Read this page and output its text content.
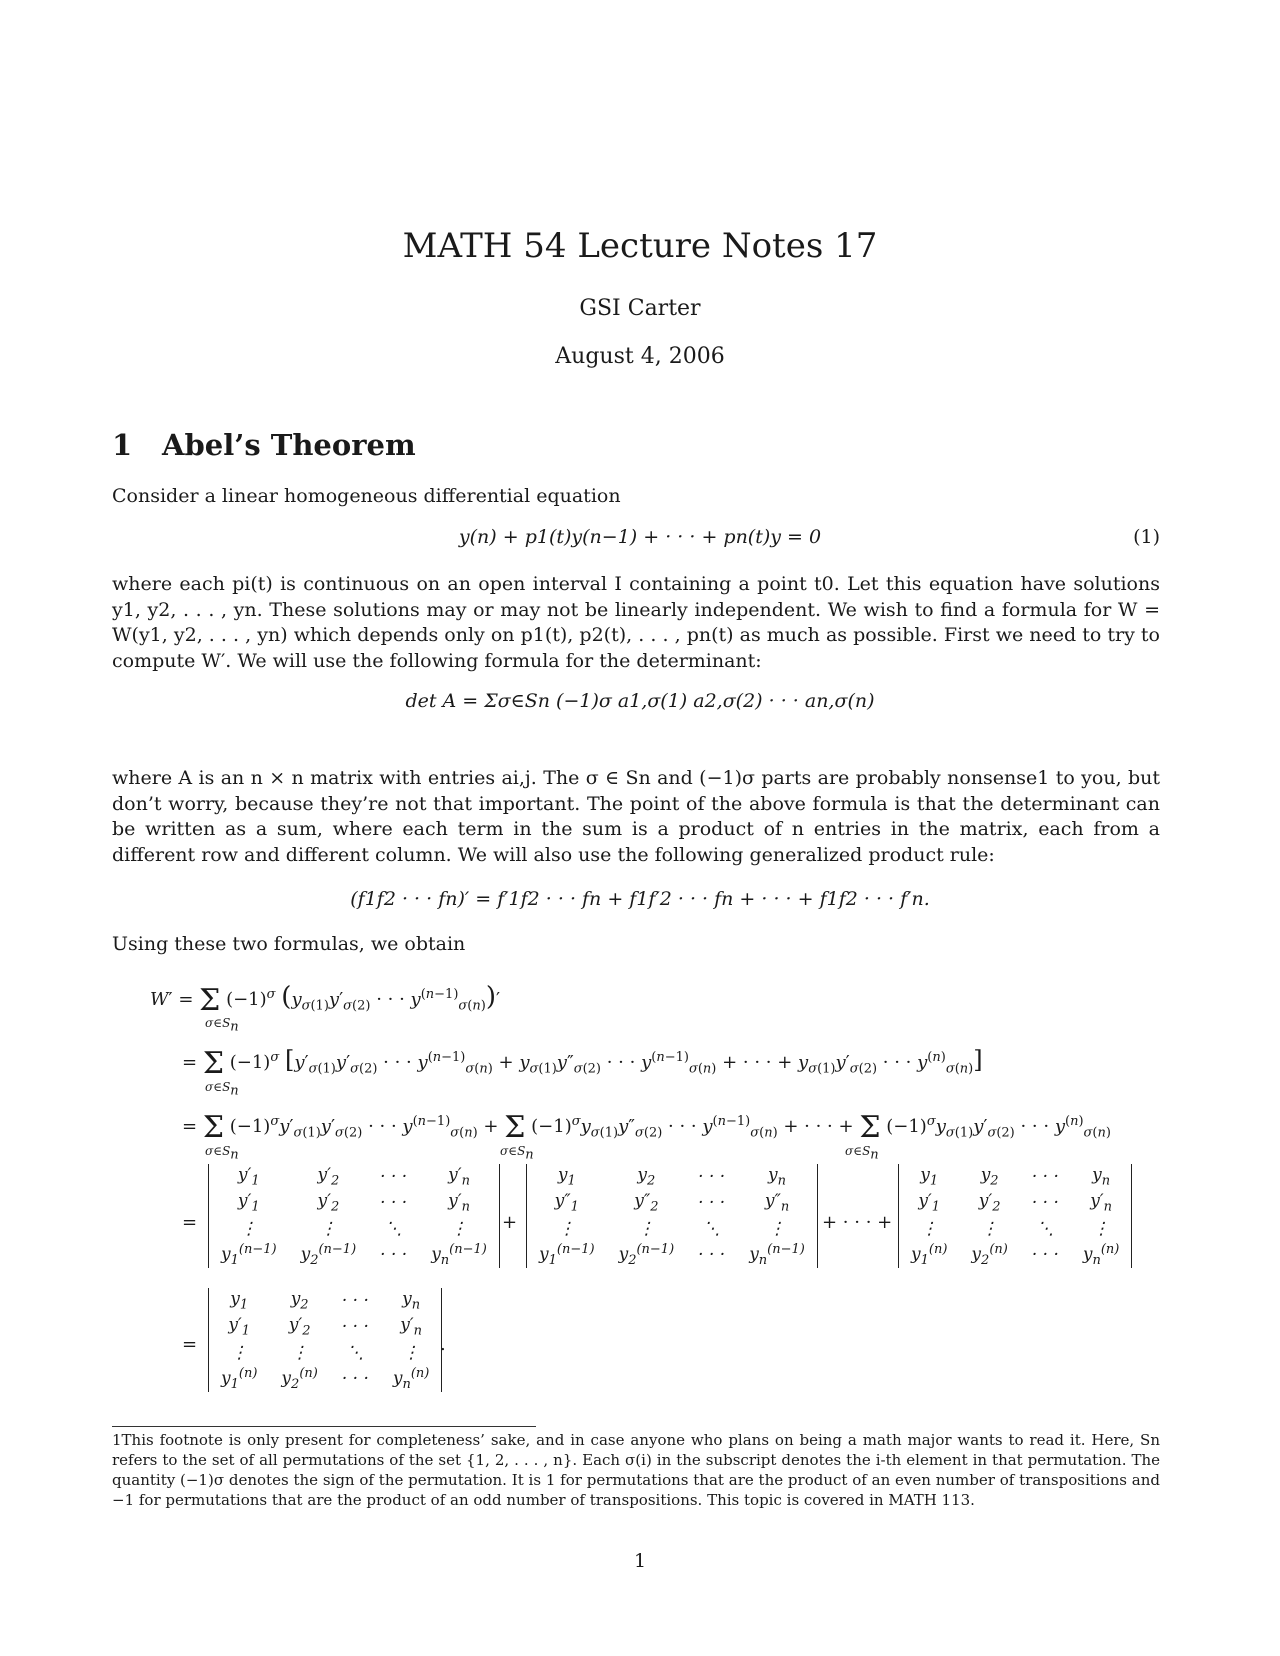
MATH 54 Lecture Notes 17
GSI Carter
August 4, 2006
1 Abel’s Theorem
Consider a linear homogeneous differential equation
y(n) + p1(t)y(n−1) + · · · + pn(t)y = 0	(1)
where each pi(t) is continuous on an open interval I containing a point t0. Let this equation have solutions y1, y2, . . . , yn. These solutions may or may not be linearly independent. We wish to find a formula for W = W(y1, y2, . . . , yn) which depends only on p1(t), p2(t), . . . , pn(t) as much as possible. First we need to try to compute W′. We will use the following formula for the determinant:
det A = Σσ∈Sn (−1)σ a1,σ(1) a2,σ(2) · · · an,σ(n)
where A is an n × n matrix with entries ai,j. The σ ∈ Sn and (−1)σ parts are probably nonsense1 to you, but don’t worry, because they’re not that important. The point of the above formula is that the determinant can be written as a sum, where each term in the sum is a product of n entries in the matrix, each from a different row and different column. We will also use the following generalized product rule:
(f1f2 · · · fn)′ = f′1f2 · · · fn + f1f′2 · · · fn + · · · + f1f2 · · · f′n.
Using these two formulas, we obtain
W′ = Σ $(-1)^\sigma$ ($y_{\sigma(1)}y'_{\sigma(2)}$ · · · $y^{(n-1)}_{\sigma(n)})'$
$\sigma\in S_n$
= Σ $(-1)^\sigma$ [$y'_{\sigma(1)}y'_{\sigma(2)}$ · · · $y^{(n-1)}_{\sigma(n)} + y_{\sigma(1)}y''_{\sigma(2)}$ · · · $y^{(n-1)}_{\sigma(n)}$ + · · · + $y_{\sigma(1)}y'_{\sigma(2)}$ · · · $y^{(n)}_{\sigma(n)}$]
$\sigma\in S_n$
= Σ $(-1)^\sigma y'_{\sigma(1)}y'_{\sigma(2)}$ · · · $y^{(n-1)}_{\sigma(n)} + \Sigma$ $(-1)^\sigma y_{\sigma(1)}y''_{\sigma(2)}$ · · · $y^{(n-1)}_{\sigma(n)}$ + · · · + Σ $(-1)^\sigma y_{\sigma(1)}y'_{\sigma(2)}$ · · · $y^{(n)}_{\sigma(n)}$
$\sigma\in S_n$	$\sigma\in S_n$	$\sigma\in S_n$
=
$y'_1$	$y'_2$	· · ·	$y'_n$
$y'_1$	$y'_2$	· · ·	$y'_n$
⋮	⋮	⋱	⋮
$y_1^{(n-1)}$	$y_2^{(n-1)}$	· · ·	$y_n^{(n-1)}$
+
$y_1$	$y_2$	· · ·	$y_n$
$y''_1$	$y''_2$	· · ·	$y''_n$
⋮	⋮	⋱	⋮
$y_1^{(n-1)}$	$y_2^{(n-1)}$	· · ·	$y_n^{(n-1)}$
+ · · · +
$y_1$	$y_2$	· · ·	$y_n$
$y'_1$	$y'_2$	· · ·	$y'_n$
⋮	⋮	⋱	⋮
$y_1^{(n)}$	$y_2^{(n)}$	· · ·	$y_n^{(n)}$
=
$y_1$	$y_2$	· · ·	$y_n$
$y'_1$	$y'_2$	· · ·	$y'_n$
⋮	⋮	⋱	⋮
$y_1^{(n)}$	$y_2^{(n)}$	· · ·	$y_n^{(n)}$
.
1This footnote is only present for completeness’ sake, and in case anyone who plans on being a math major wants to read it. Here, Sn refers to the set of all permutations of the set {1, 2, . . . , n}. Each σ(i) in the subscript denotes the i-th element in that permutation. The quantity (−1)σ denotes the sign of the permutation. It is 1 for permutations that are the product of an even number of transpositions and −1 for permutations that are the product of an odd number of transpositions. This topic is covered in MATH 113.
1
